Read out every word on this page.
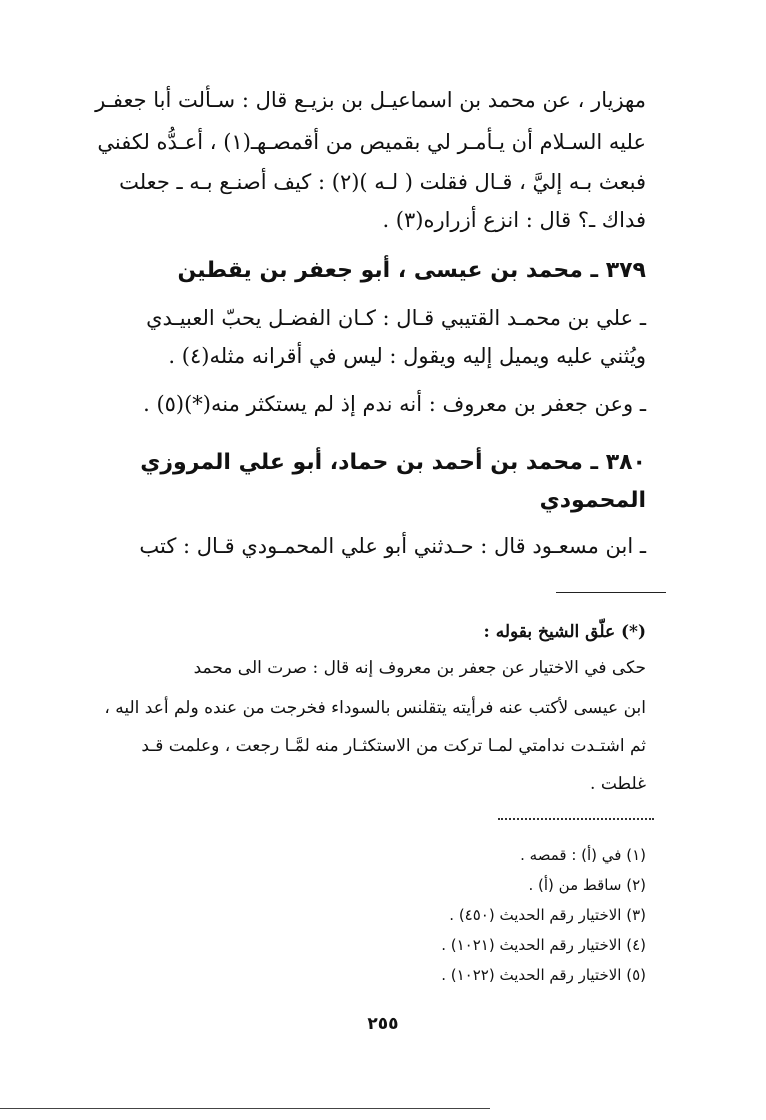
مهزيار ، عن محمد بن اسماعيـل بن بزيـع قال : سـألت أبا جعفـر
عليه السـلام أن يـأمـر لي بقميص من أقمصـهـ(١) ، أعـدُّه لكفني
فبعث بـه إليَّ ، قـال فقلت ( لـه )(٢) : كيف أصنـع بـه ـ جعلت
فداك ـ؟ قال : انزع أزراره(٣) .
٣٧٩ ـ محمد بن عيسى ، أبو جعفر بن يقطين
ـ علي بن محمـد القتيبي قـال : كـان الفضـل يحبّ العبيـدي
ويُثني عليه ويميل إليه ويقول : ليس في أقرانه مثله(٤) .
ـ وعن جعفر بن معروف : أنه ندم إذ لم يستكثر منه(*)(٥) .
٣٨٠ ـ محمد بن أحمد بن حماد، أبو علي المروزي
المحمودي
ـ ابن مسعـود قال : حـدثني أبو علي المحمـودي قـال : كتب
(*) علّق الشيخ بقوله :
حكى في الاختيار عن جعفر بن معروف إنه قال : صرت الى محمد
ابن عيسى لأكتب عنه فرأيته يتقلنس بالسوداء فخرجت من عنده ولم أعد اليه ،
ثم اشتـدت ندامتي لمـا تركت من الاستكثـار منه لمَّـا رجعت ، وعلمت قـد
غلطت .
(١) في (أ) : قمصه .
(٢) ساقط من (أ) .
(٣) الاختيار رقم الحديث (٤٥٠) .
(٤) الاختيار رقم الحديث (١٠٢١) .
(٥) الاختيار رقم الحديث (١٠٢٢) .
٢٥٥
